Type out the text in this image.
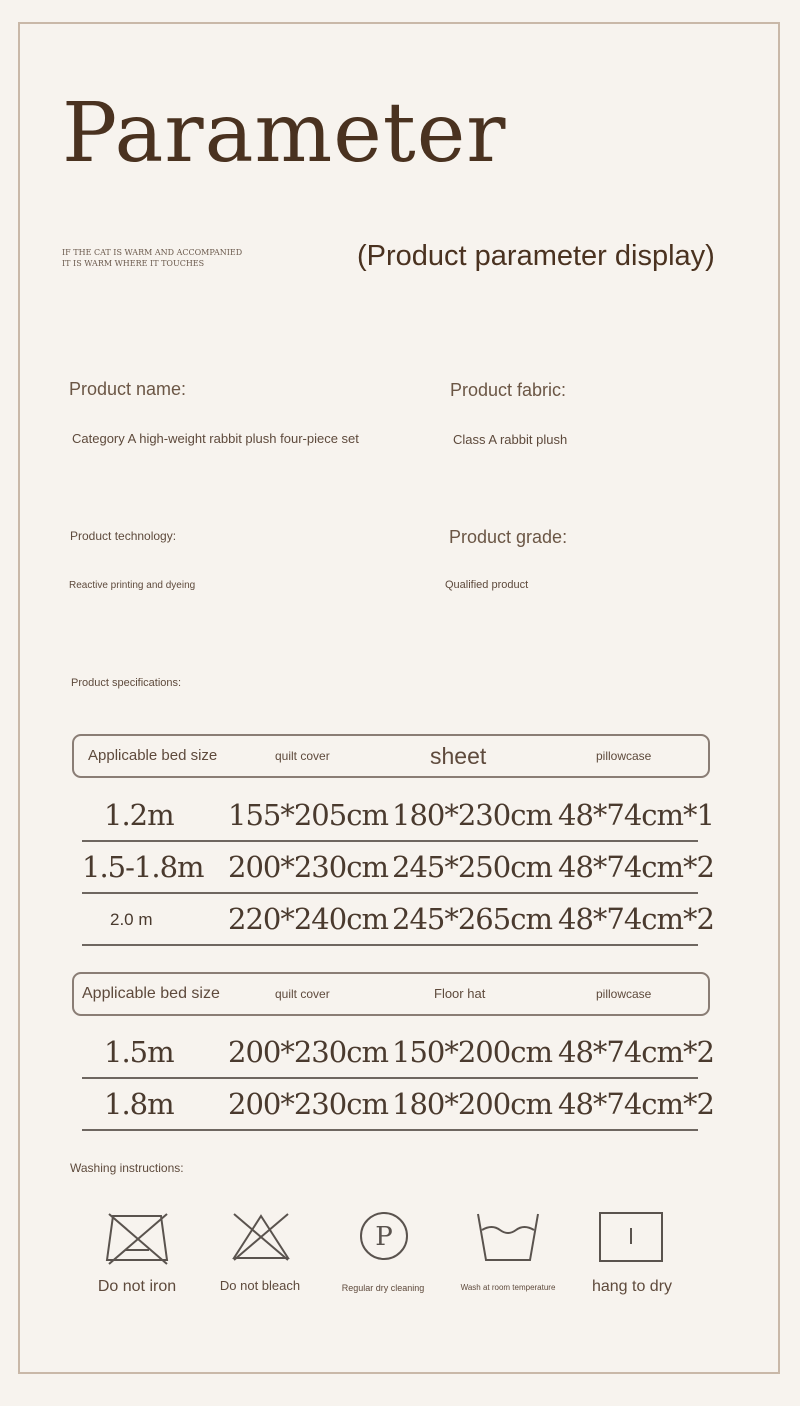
Parameter
IF THE CAT IS WARM AND ACCOMPANIED
IT IS WARM WHERE IT TOUCHES	(Product parameter display)
Product name:
Category A high-weight rabbit plush four-piece set
Product fabric:
Class A rabbit plush
Product technology:
Reactive printing and dyeing
Product grade:
Qualified product
Product specifications:
Applicable bed size	quilt cover	sheet	pillowcase
1.2m 155*205cm 180*230cm 48*74cm*1
1.5-1.8m 200*230cm 245*250cm 48*74cm*2
2.0 m	220*240cm 245*265cm 48*74cm*2
Applicable bed size	quilt cover	Floor hat	pillowcase
1.5m 200*230cm 150*200cm 48*74cm*2
1.8m 200*230cm 180*200cm 48*74cm*2
Washing instructions:
P
Do not iron	Do not bleach	Regular dry cleaning	Wash at room temperature	hang to dry
